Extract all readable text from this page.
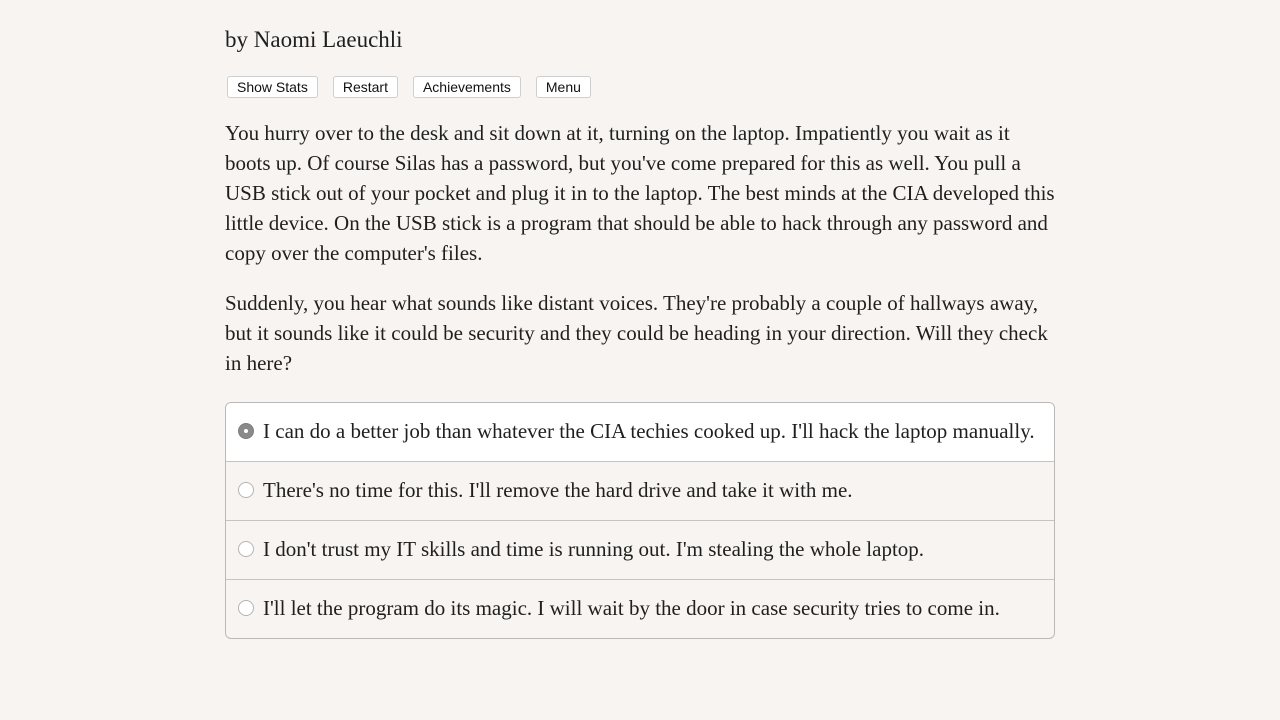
by Naomi Laeuchli
Show Stats	Restart	Achievements	Menu

You hurry over to the desk and sit down at it, turning on the laptop. Impatiently you wait as it boots up. Of course Silas has a password, but you've come prepared for this as well. You pull a USB stick out of your pocket and plug it in to the laptop. The best minds at the CIA developed this little device. On the USB stick is a program that should be able to hack through any password and copy over the computer's files.

Suddenly, you hear what sounds like distant voices. They're probably a couple of hallways away, but it sounds like it could be security and they could be heading in your direction. Will they check in here?

I can do a better job than whatever the CIA techies cooked up. I'll hack the laptop manually.
There's no time for this. I'll remove the hard drive and take it with me.
I don't trust my IT skills and time is running out. I'm stealing the whole laptop.
I'll let the program do its magic. I will wait by the door in case security tries to come in.
